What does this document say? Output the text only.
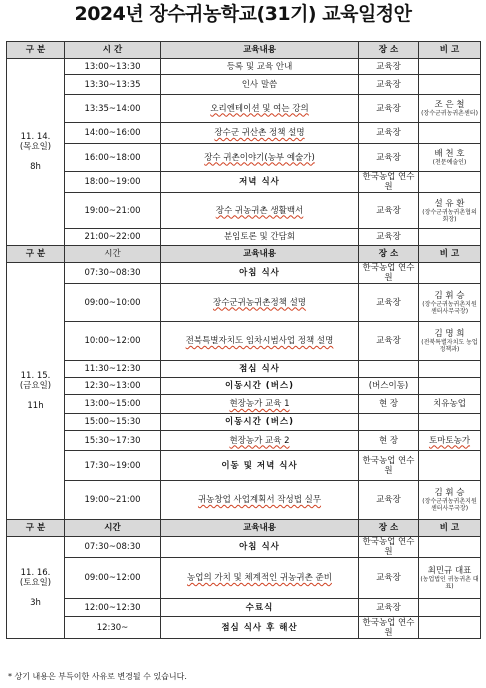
2024년 장수귀농학교(31기) 교육일정안
구 분	시 간	교육내용	장 소	비 고
11. 14.
(목요일)

8h	13:00~13:30	등록 및 교육 안내	교육장	
	13:30~13:35	인사 말씀	교육장	
	13:35~14:00	오리엔테이션 및 여는 강의	교육장	조 은 철
(장수군귀농귀촌센터)

	14:00~16:00	장수군 귀산촌 정책 설명	교육장	
	16:00~18:00	장수 귀촌이야기(농부 예술가)	교육장	배 천 호
(천문예술인)

	18:00~19:00	저녁 식사	한국농업 연수원	
	19:00~21:00	장수 귀농귀촌 생활백서	교육장	설 유 환
(장수군귀농귀촌협의회장)

	21:00~22:00	분임토론 및 간담회	교육장	
구 분	시간	교육내용	장 소	비 고
11. 15.
(금요일)

11h	07:30~08:30	아침 식사	한국농업 연수원	
	09:00~10:00	장수군귀농귀촌정책 설명	교육장	김 휘 승
(장수군귀농귀촌지원센터사무국장)

	10:00~12:00	전북특별자치도 임차시범사업 정책 설명	교육장	김 명 희
(전북특별자치도 농업정책과)

	11:30~12:30	점심 식사		
	12:30~13:00	이동시간 (버스)	(버스이동)	
	13:00~15:00	현장농가 교육 1	현 장	치유농업
	15:00~15:30	이동시간 (버스)		
	15:30~17:30	현장농가 교육 2	현 장	토마토농가
	17:30~19:00	이동 및 저녁 식사	한국농업 연수원	
	19:00~21:00	귀농창업 사업계획서 작성법 실무	교육장	김 휘 승
(장수군귀농귀촌지원센터사무국장)

구 분	시간	교육내용	장 소	비 고
11. 16.
(토요일)

3h	07:30~08:30	아침 식사	한국농업 연수원	
	09:00~12:00	농업의 가치 및 체계적인 귀농귀촌 준비	교육장	최민규 대표
(농업법인 귀농귀촌 대표)

	12:00~12:30	수료식	교육장	
	12:30~	점심 식사 후 해산	한국농업 연수원	
* 상기 내용은 부득이한 사유로 변경될 수 있습니다.
